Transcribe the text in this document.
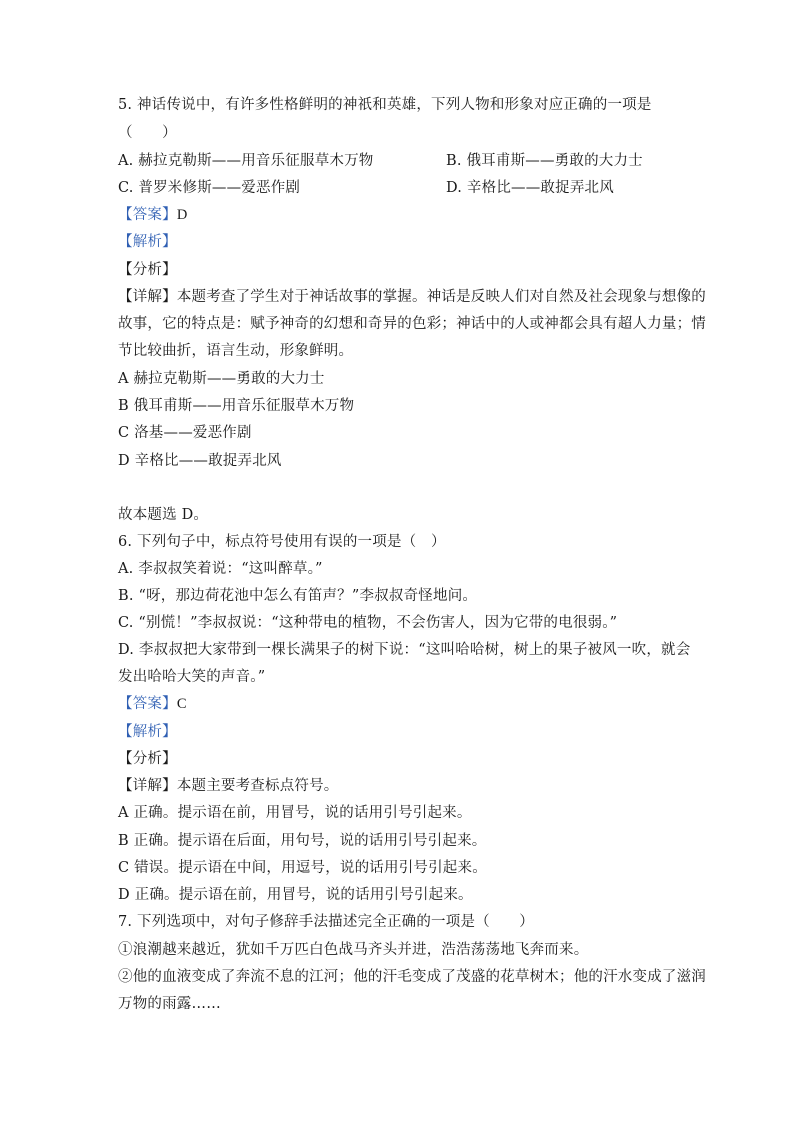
5. 神话传说中，有许多性格鲜明的神祇和英雄，下列人物和形象对应正确的一项是
（　　）
A. 赫拉克勒斯——用音乐征服草木万物	B. 俄耳甫斯——勇敢的大力士
C. 普罗米修斯——爱恶作剧	D. 辛格比——敢捉弄北风
【答案】D
【解析】
【分析】
【详解】本题考查了学生对于神话故事的掌握。神话是反映人们对自然及社会现象与想像的
故事，它的特点是：赋予神奇的幻想和奇异的色彩；神话中的人或神都会具有超人力量；情
节比较曲折，语言生动，形象鲜明。
A 赫拉克勒斯——勇敢的大力士
B 俄耳甫斯——用音乐征服草木万物
C 洛基——爱恶作剧
D 辛格比——敢捉弄北风
故本题选 D。
6. 下列句子中，标点符号使用有误的一项是（　）
A. 李叔叔笑着说：“这叫醉草。”
B. “呀，那边荷花池中怎么有笛声？”李叔叔奇怪地问。
C. “别慌！”李叔叔说：“这种带电的植物，不会伤害人，因为它带的电很弱。”
D. 李叔叔把大家带到一棵长满果子的树下说：“这叫哈哈树，树上的果子被风一吹，就会
发出哈哈大笑的声音。”
【答案】C
【解析】
【分析】
【详解】本题主要考查标点符号。
A 正确。提示语在前，用冒号，说的话用引号引起来。
B 正确。提示语在后面，用句号，说的话用引号引起来。
C 错误。提示语在中间，用逗号，说的话用引号引起来。
D 正确。提示语在前，用冒号，说的话用引号引起来。
7. 下列选项中，对句子修辞手法描述完全正确的一项是（　　）
①浪潮越来越近，犹如千万匹白色战马齐头并进，浩浩荡荡地飞奔而来。
②他的血液变成了奔流不息的江河；他的汗毛变成了茂盛的花草树木；他的汗水变成了滋润
万物的雨露……
